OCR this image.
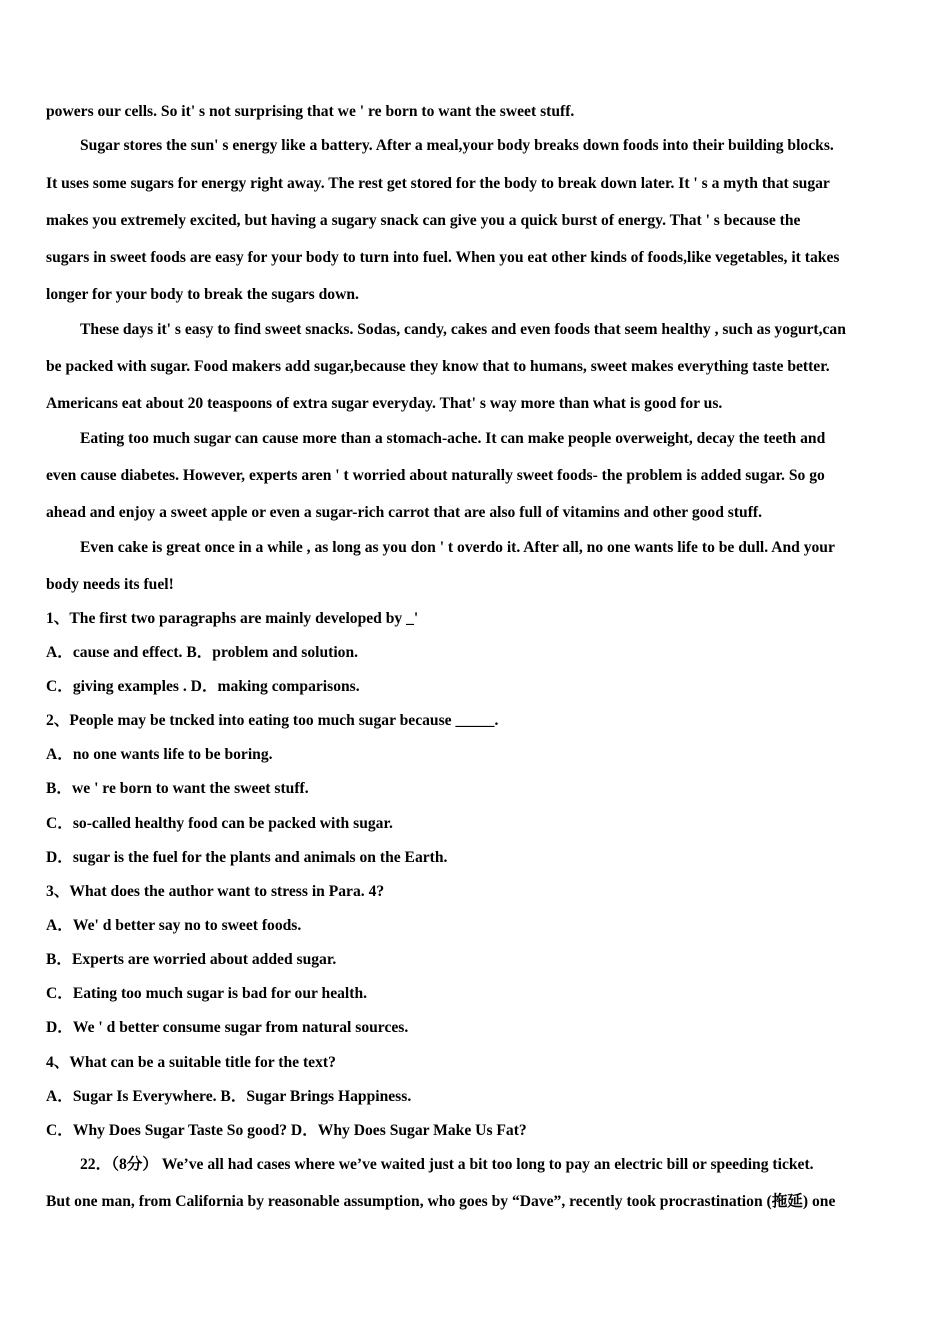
powers our cells. So it' s not surprising that we ' re born to want the sweet stuff.
Sugar stores the sun' s energy like a battery. After a meal,your body breaks down foods into their building blocks.
It uses some sugars for energy right away. The rest get stored for the body to break down later. It ' s a myth that sugar
makes you extremely excited, but having a sugary snack can give you a quick burst of energy. That ' s because the
sugars in sweet foods are easy for your body to turn into fuel. When you eat other kinds of foods,like vegetables, it takes
longer for your body to break the sugars down.
These days it' s easy to find sweet snacks. Sodas, candy, cakes and even foods that seem healthy , such as yogurt,can
be packed with sugar. Food makers add sugar,because they know that to humans, sweet makes everything taste better.
Americans eat about 20 teaspoons of extra sugar everyday. That' s way more than what is good for us.
Eating too much sugar can cause more than a stomach-ache. It can make people overweight, decay the teeth and
even cause diabetes. However, experts aren ' t worried about naturally sweet foods- the problem is added sugar. So go
ahead and enjoy a sweet apple or even a sugar-rich carrot that are also full of vitamins and other good stuff.
Even cake is great once in a while , as long as you don ' t overdo it. After all, no one wants life to be dull. And your
body needs its fuel!
1、The first two paragraphs are mainly developed by _'
A．cause and effect. B．problem and solution.
C．giving examples . D．making comparisons.
2、People may be tncked into eating too much sugar because _____.
A．no one wants life to be boring.
B．we ' re born to want the sweet stuff.
C．so-called healthy food can be packed with sugar.
D．sugar is the fuel for the plants and animals on the Earth.
3、What does the author want to stress in Para. 4?
A．We' d better say no to sweet foods.
B．Experts are worried about added sugar.
C．Eating too much sugar is bad for our health.
D．We ' d better consume sugar from natural sources.
4、What can be a suitable title for the text?
A．Sugar Is Everywhere. B．Sugar Brings Happiness.
C．Why Does Sugar Taste So good? D．Why Does Sugar Make Us Fat?
22．（8分） We’ve all had cases where we’ve waited just a bit too long to pay an electric bill or speeding ticket.
But one man, from California by reasonable assumption, who goes by “Dave”, recently took procrastination (拖延) one
